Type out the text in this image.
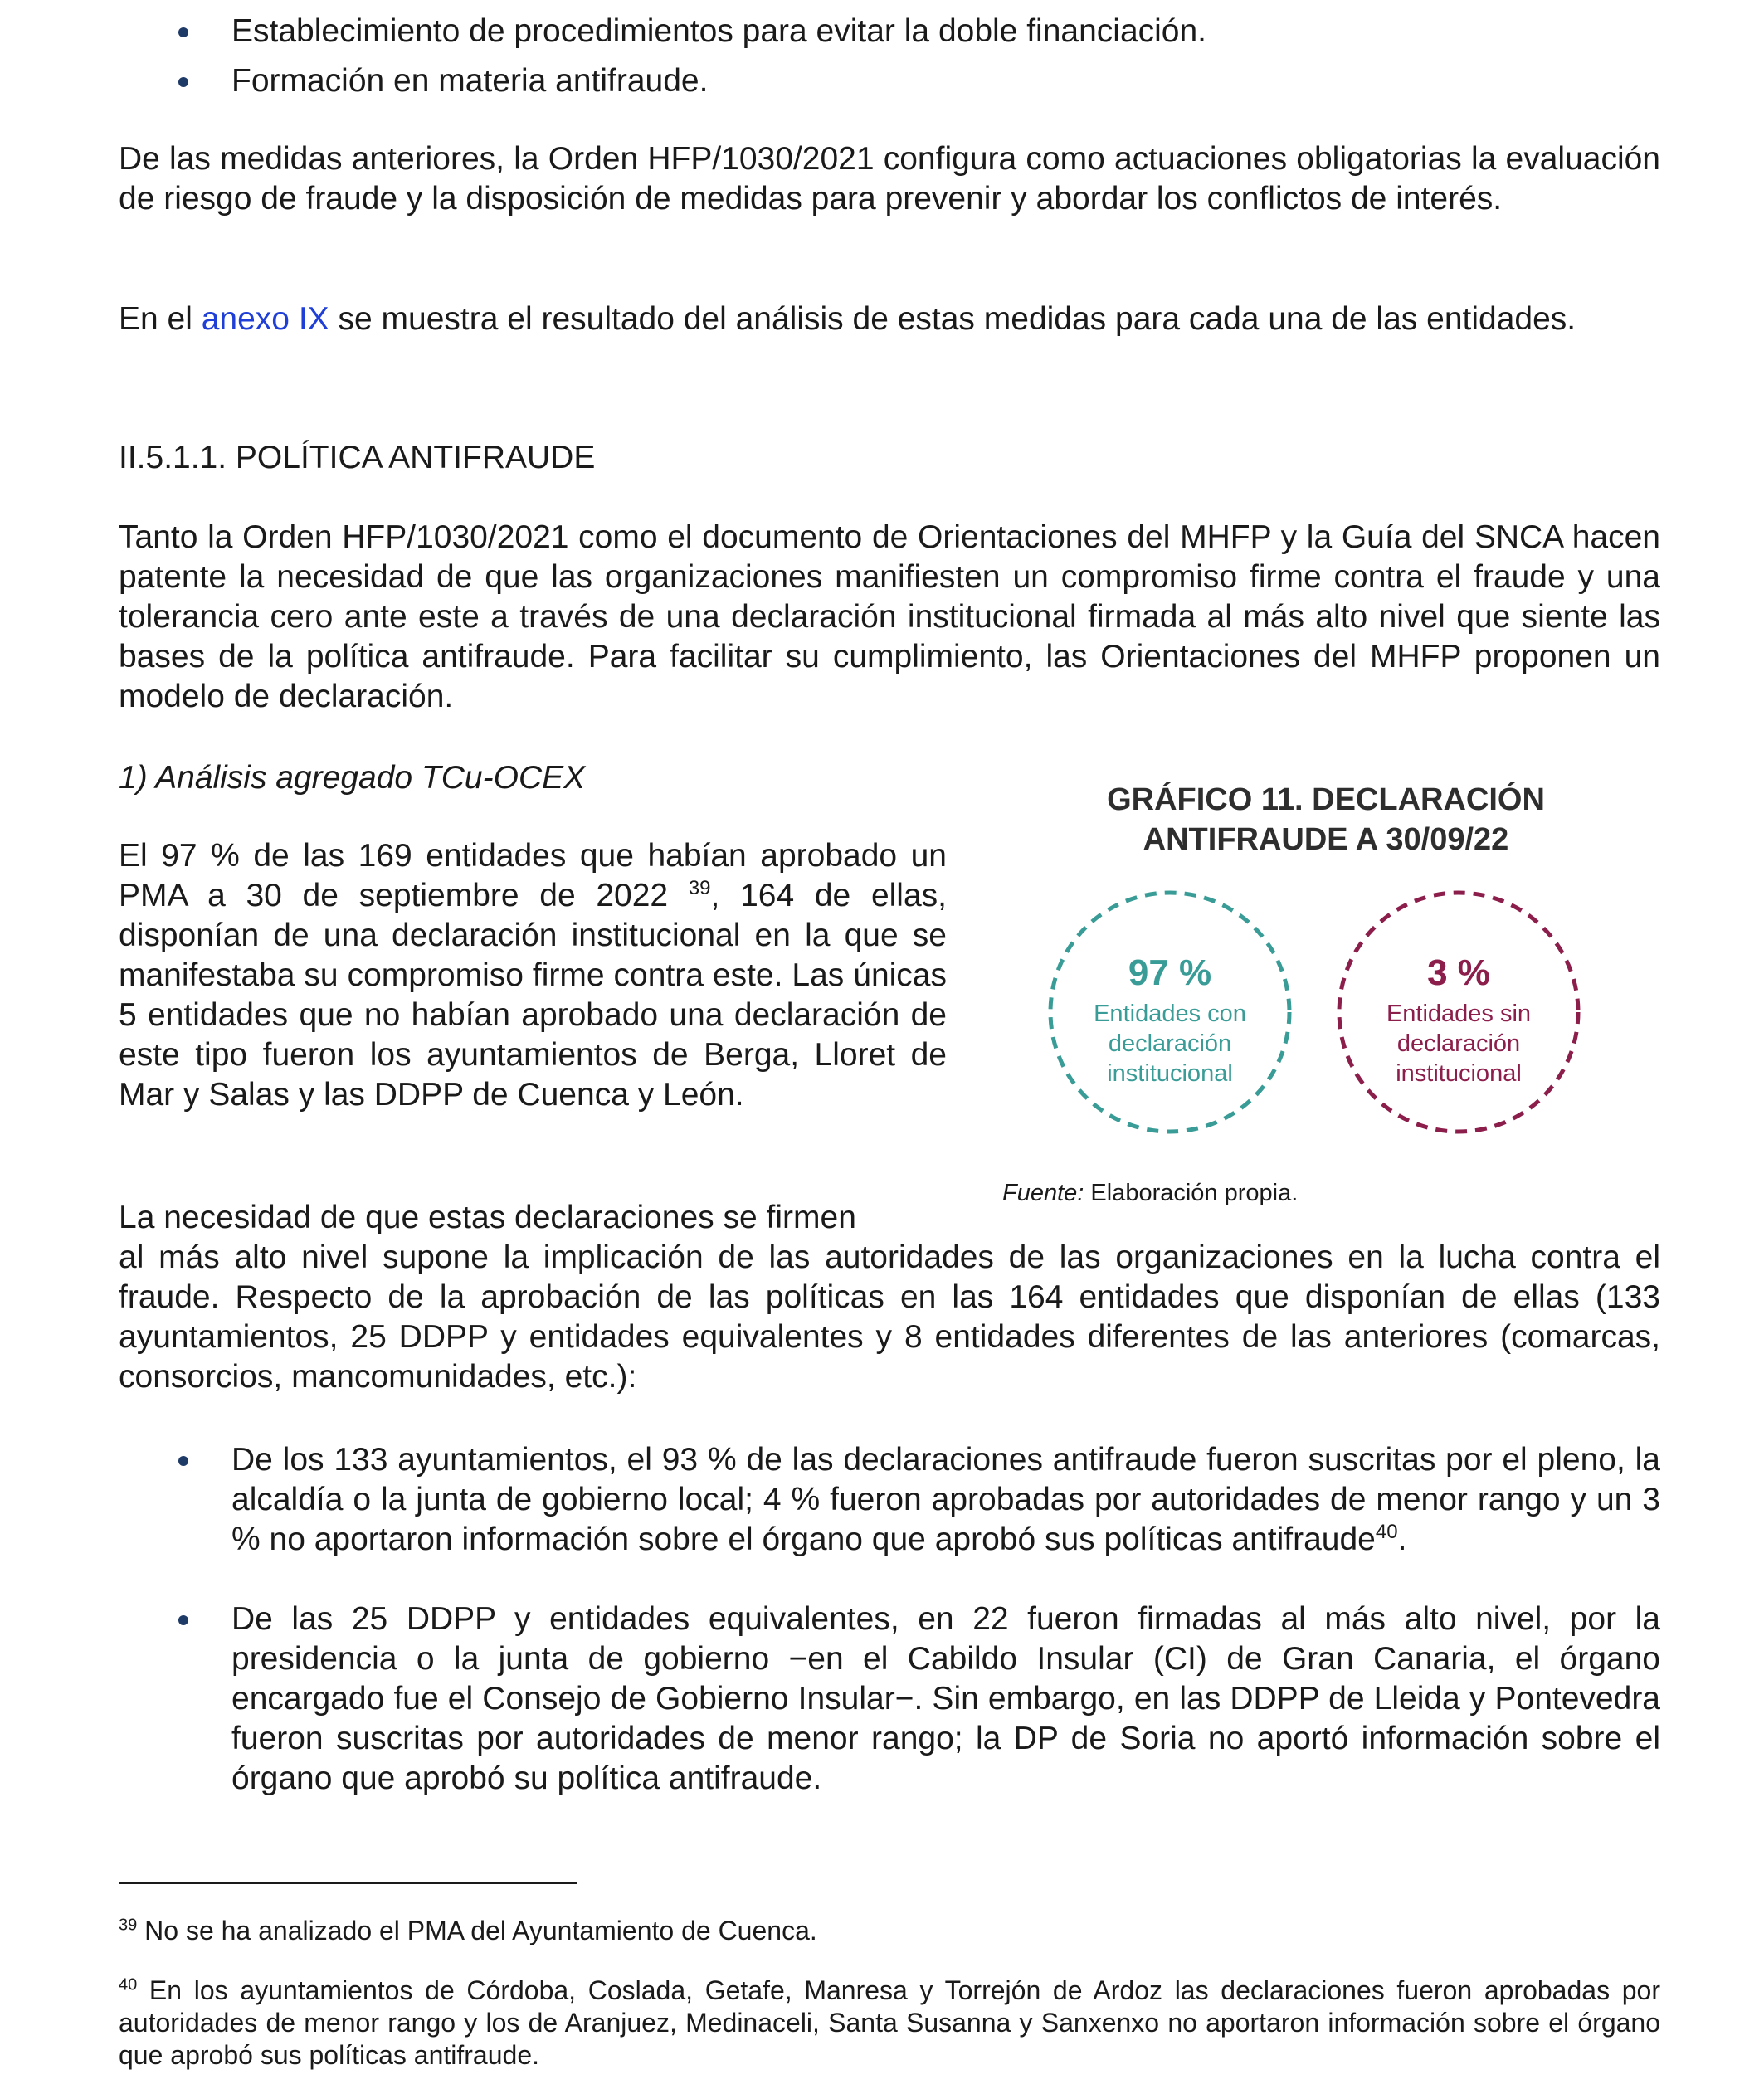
Establecimiento de procedimientos para evitar la doble financiación.
Formación en materia antifraude.

De las medidas anteriores, la Orden HFP/1030/2021 configura como actuaciones obligatorias la evaluación de riesgo de fraude y la disposición de medidas para prevenir y abordar los conflictos de interés.

En el anexo IX se muestra el resultado del análisis de estas medidas para cada una de las entidades.

II.5.1.1. POLÍTICA ANTIFRAUDE

Tanto la Orden HFP/1030/2021 como el documento de Orientaciones del MHFP y la Guía del SNCA hacen patente la necesidad de que las organizaciones manifiesten un compromiso firme contra el fraude y una tolerancia cero ante este a través de una declaración institucional firmada al más alto nivel que siente las bases de la política antifraude. Para facilitar su cumplimiento, las Orientaciones del MHFP proponen un modelo de declaración.

1) Análisis agregado TCu-OCEX

El 97 % de las 169 entidades que habían aprobado un PMA a 30 de septiembre de 2022 $^{39}$, 164 de ellas, disponían de una declaración institucional en la que se manifestaba su compromiso firme contra este. Las únicas 5 entidades que no habían aprobado una declaración de este tipo fueron los ayuntamientos de Berga, Lloret de Mar y Salas y las DDPP de Cuenca y León.

GRÁFICO 11. DECLARACIÓN
ANTIFRAUDE A 30/09/22
97 %
Entidades con
declaración
institucional
3 %
Entidades sin
declaración
institucional
Fuente: Elaboración propia.

La necesidad de que estas declaraciones se firmen

al más alto nivel supone la implicación de las autoridades de las organizaciones en la lucha contra el fraude. Respecto de la aprobación de las políticas en las 164 entidades que disponían de ellas (133 ayuntamientos, 25 DDPP y entidades equivalentes y 8 entidades diferentes de las anteriores (comarcas, consorcios, mancomunidades, etc.):

De los 133 ayuntamientos, el 93 % de las declaraciones antifraude fueron suscritas por el pleno, la alcaldía o la junta de gobierno local; 4 % fueron aprobadas por autoridades de menor rango y un 3 % no aportaron información sobre el órgano que aprobó sus políticas antifraude$^{40}$.
De las 25 DDPP y entidades equivalentes, en 22 fueron firmadas al más alto nivel, por la presidencia o la junta de gobierno −en el Cabildo Insular (CI) de Gran Canaria, el órgano encargado fue el Consejo de Gobierno Insular−. Sin embargo, en las DDPP de Lleida y Pontevedra fueron suscritas por autoridades de menor rango; la DP de Soria no aportó información sobre el órgano que aprobó su política antifraude.

$^{39}$ No se ha analizado el PMA del Ayuntamiento de Cuenca.

$^{40}$ En los ayuntamientos de Córdoba, Coslada, Getafe, Manresa y Torrejón de Ardoz las declaraciones fueron aprobadas por autoridades de menor rango y los de Aranjuez, Medinaceli, Santa Susanna y Sanxenxo no aportaron información sobre el órgano que aprobó sus políticas antifraude.
